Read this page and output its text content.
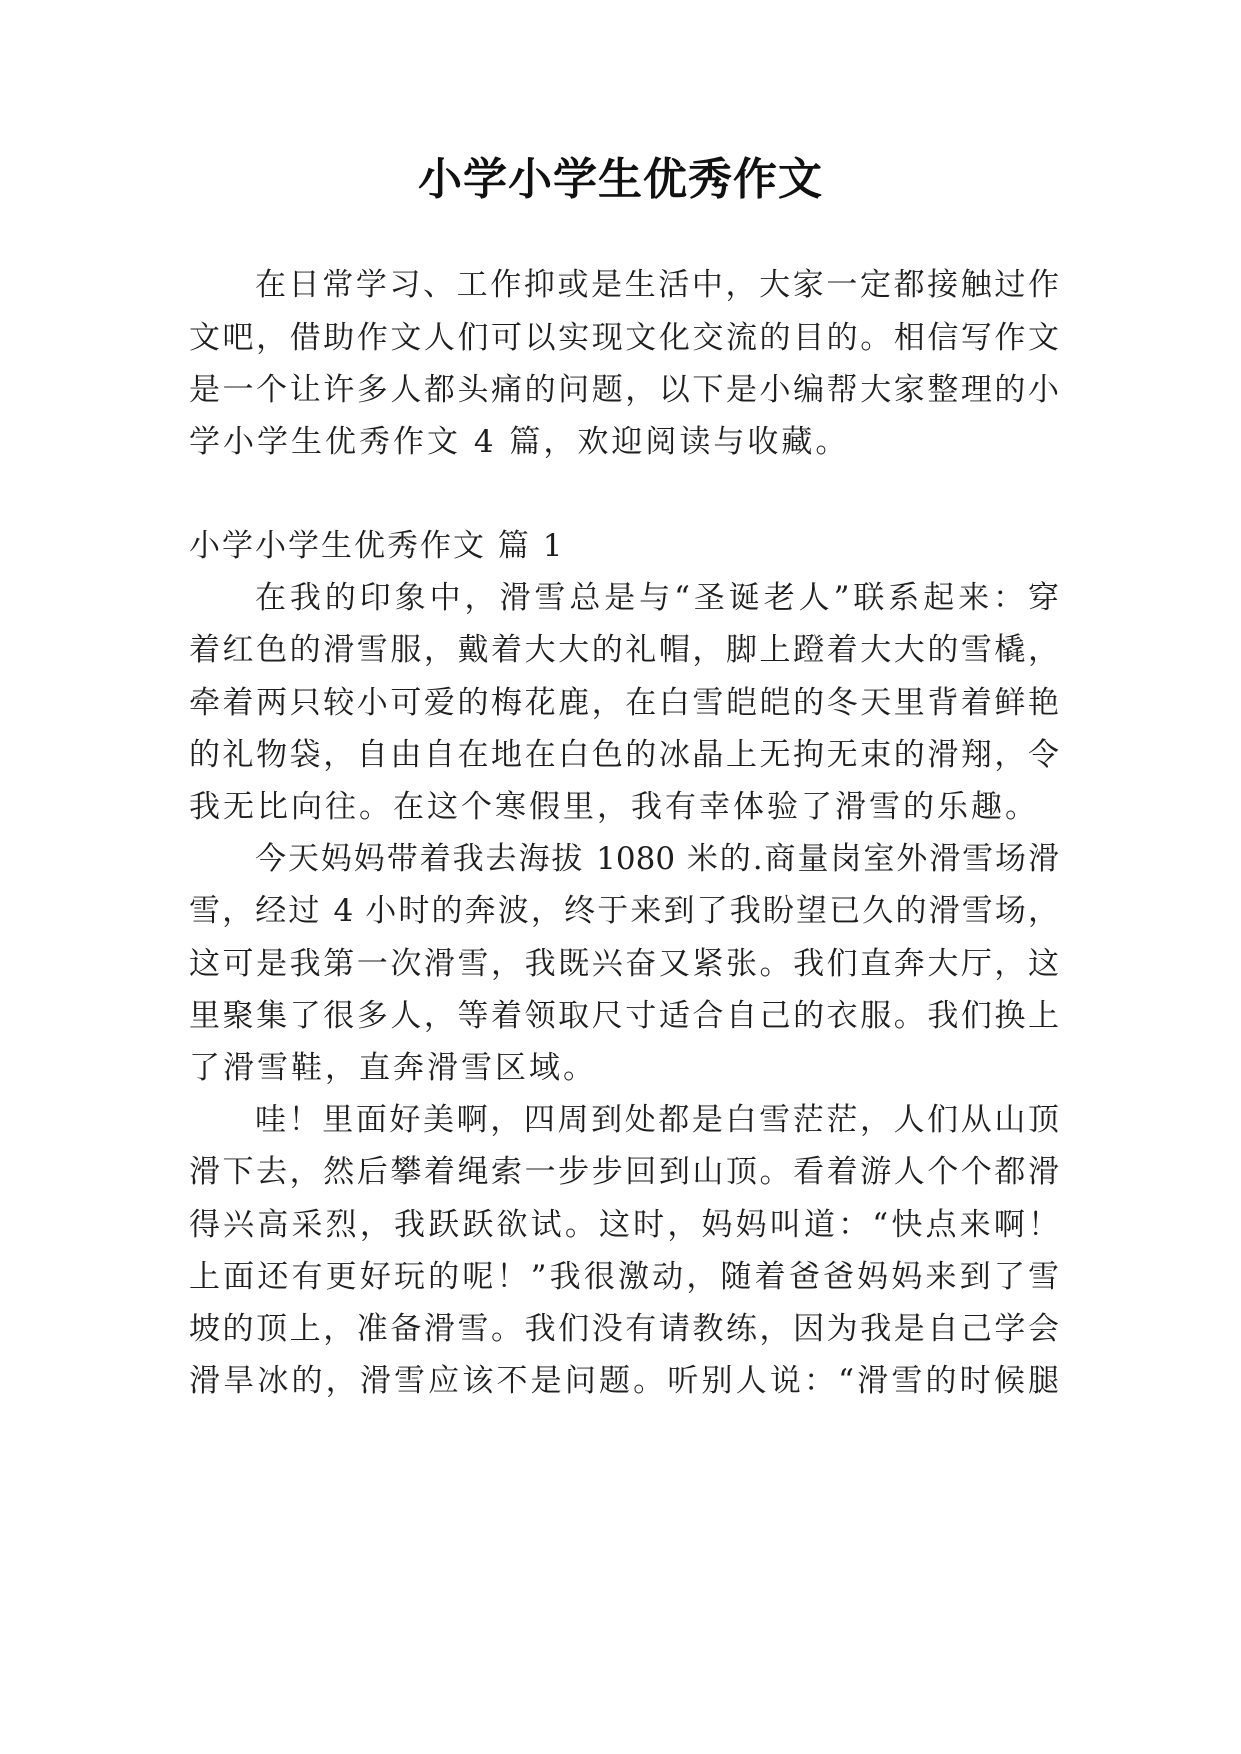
小学小学生优秀作文
在日常学习、工作抑或是生活中，大家一定都接触过作
文吧，借助作文人们可以实现文化交流的目的。相信写作文
是一个让许多人都头痛的问题，以下是小编帮大家整理的小
学小学生优秀作文 4 篇，欢迎阅读与收藏。
小学小学生优秀作文 篇 1
在我的印象中，滑雪总是与“圣诞老人”联系起来：穿
着红色的滑雪服，戴着大大的礼帽，脚上蹬着大大的雪橇，
牵着两只较小可爱的梅花鹿，在白雪皑皑的冬天里背着鲜艳
的礼物袋，自由自在地在白色的冰晶上无拘无束的滑翔，令
我无比向往。在这个寒假里，我有幸体验了滑雪的乐趣。
今天妈妈带着我去海拔 1080 米的.商量岗室外滑雪场滑
雪，经过 4 小时的奔波，终于来到了我盼望已久的滑雪场，
这可是我第一次滑雪，我既兴奋又紧张。我们直奔大厅，这
里聚集了很多人，等着领取尺寸适合自己的衣服。我们换上
了滑雪鞋，直奔滑雪区域。
哇！里面好美啊，四周到处都是白雪茫茫，人们从山顶
滑下去，然后攀着绳索一步步回到山顶。看着游人个个都滑
得兴高采烈，我跃跃欲试。这时，妈妈叫道：“快点来啊！
上面还有更好玩的呢！”我很激动，随着爸爸妈妈来到了雪
坡的顶上，准备滑雪。我们没有请教练，因为我是自己学会
滑旱冰的，滑雪应该不是问题。听别人说：“滑雪的时候腿
